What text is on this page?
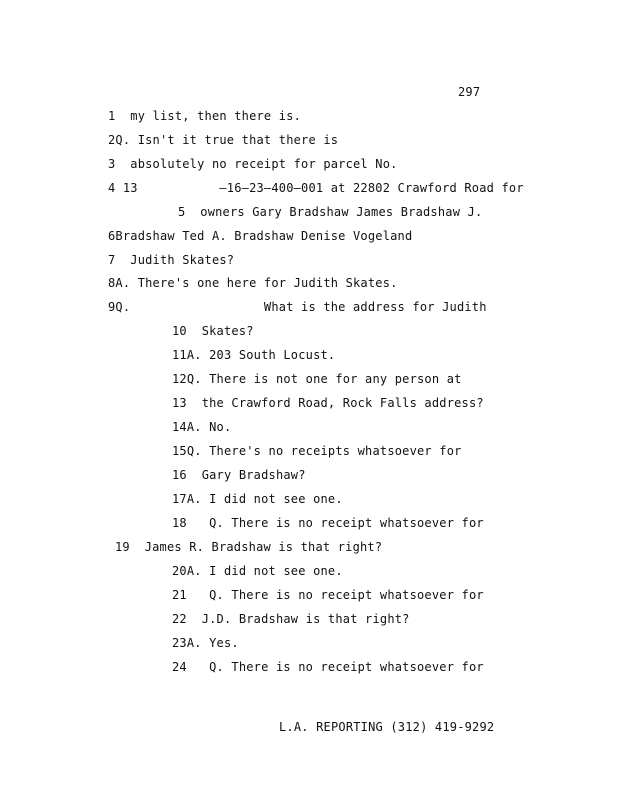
297
1  my list, then there is.
2Q. Isn't it true that there is
3  absolutely no receipt for parcel No.
4 13           –16–23–400–001 at 22802 Crawford Road for
5  owners Gary Bradshaw James Bradshaw J.
6Bradshaw Ted A. Bradshaw Denise Vogeland
7  Judith Skates?
8A. There's one here for Judith Skates.
9Q.                  What is the address for Judith
10  Skates?
11A. 203 South Locust.
12Q. There is not one for any person at
13  the Crawford Road, Rock Falls address?
14A. No.
15Q. There's no receipts whatsoever for
16  Gary Bradshaw?
17A. I did not see one.
18   Q. There is no receipt whatsoever for
19  James R. Bradshaw is that right?
20A. I did not see one.
21   Q. There is no receipt whatsoever for
22  J.D. Bradshaw is that right?
23A. Yes.
24   Q. There is no receipt whatsoever for
L.A. REPORTING (312) 419-9292
